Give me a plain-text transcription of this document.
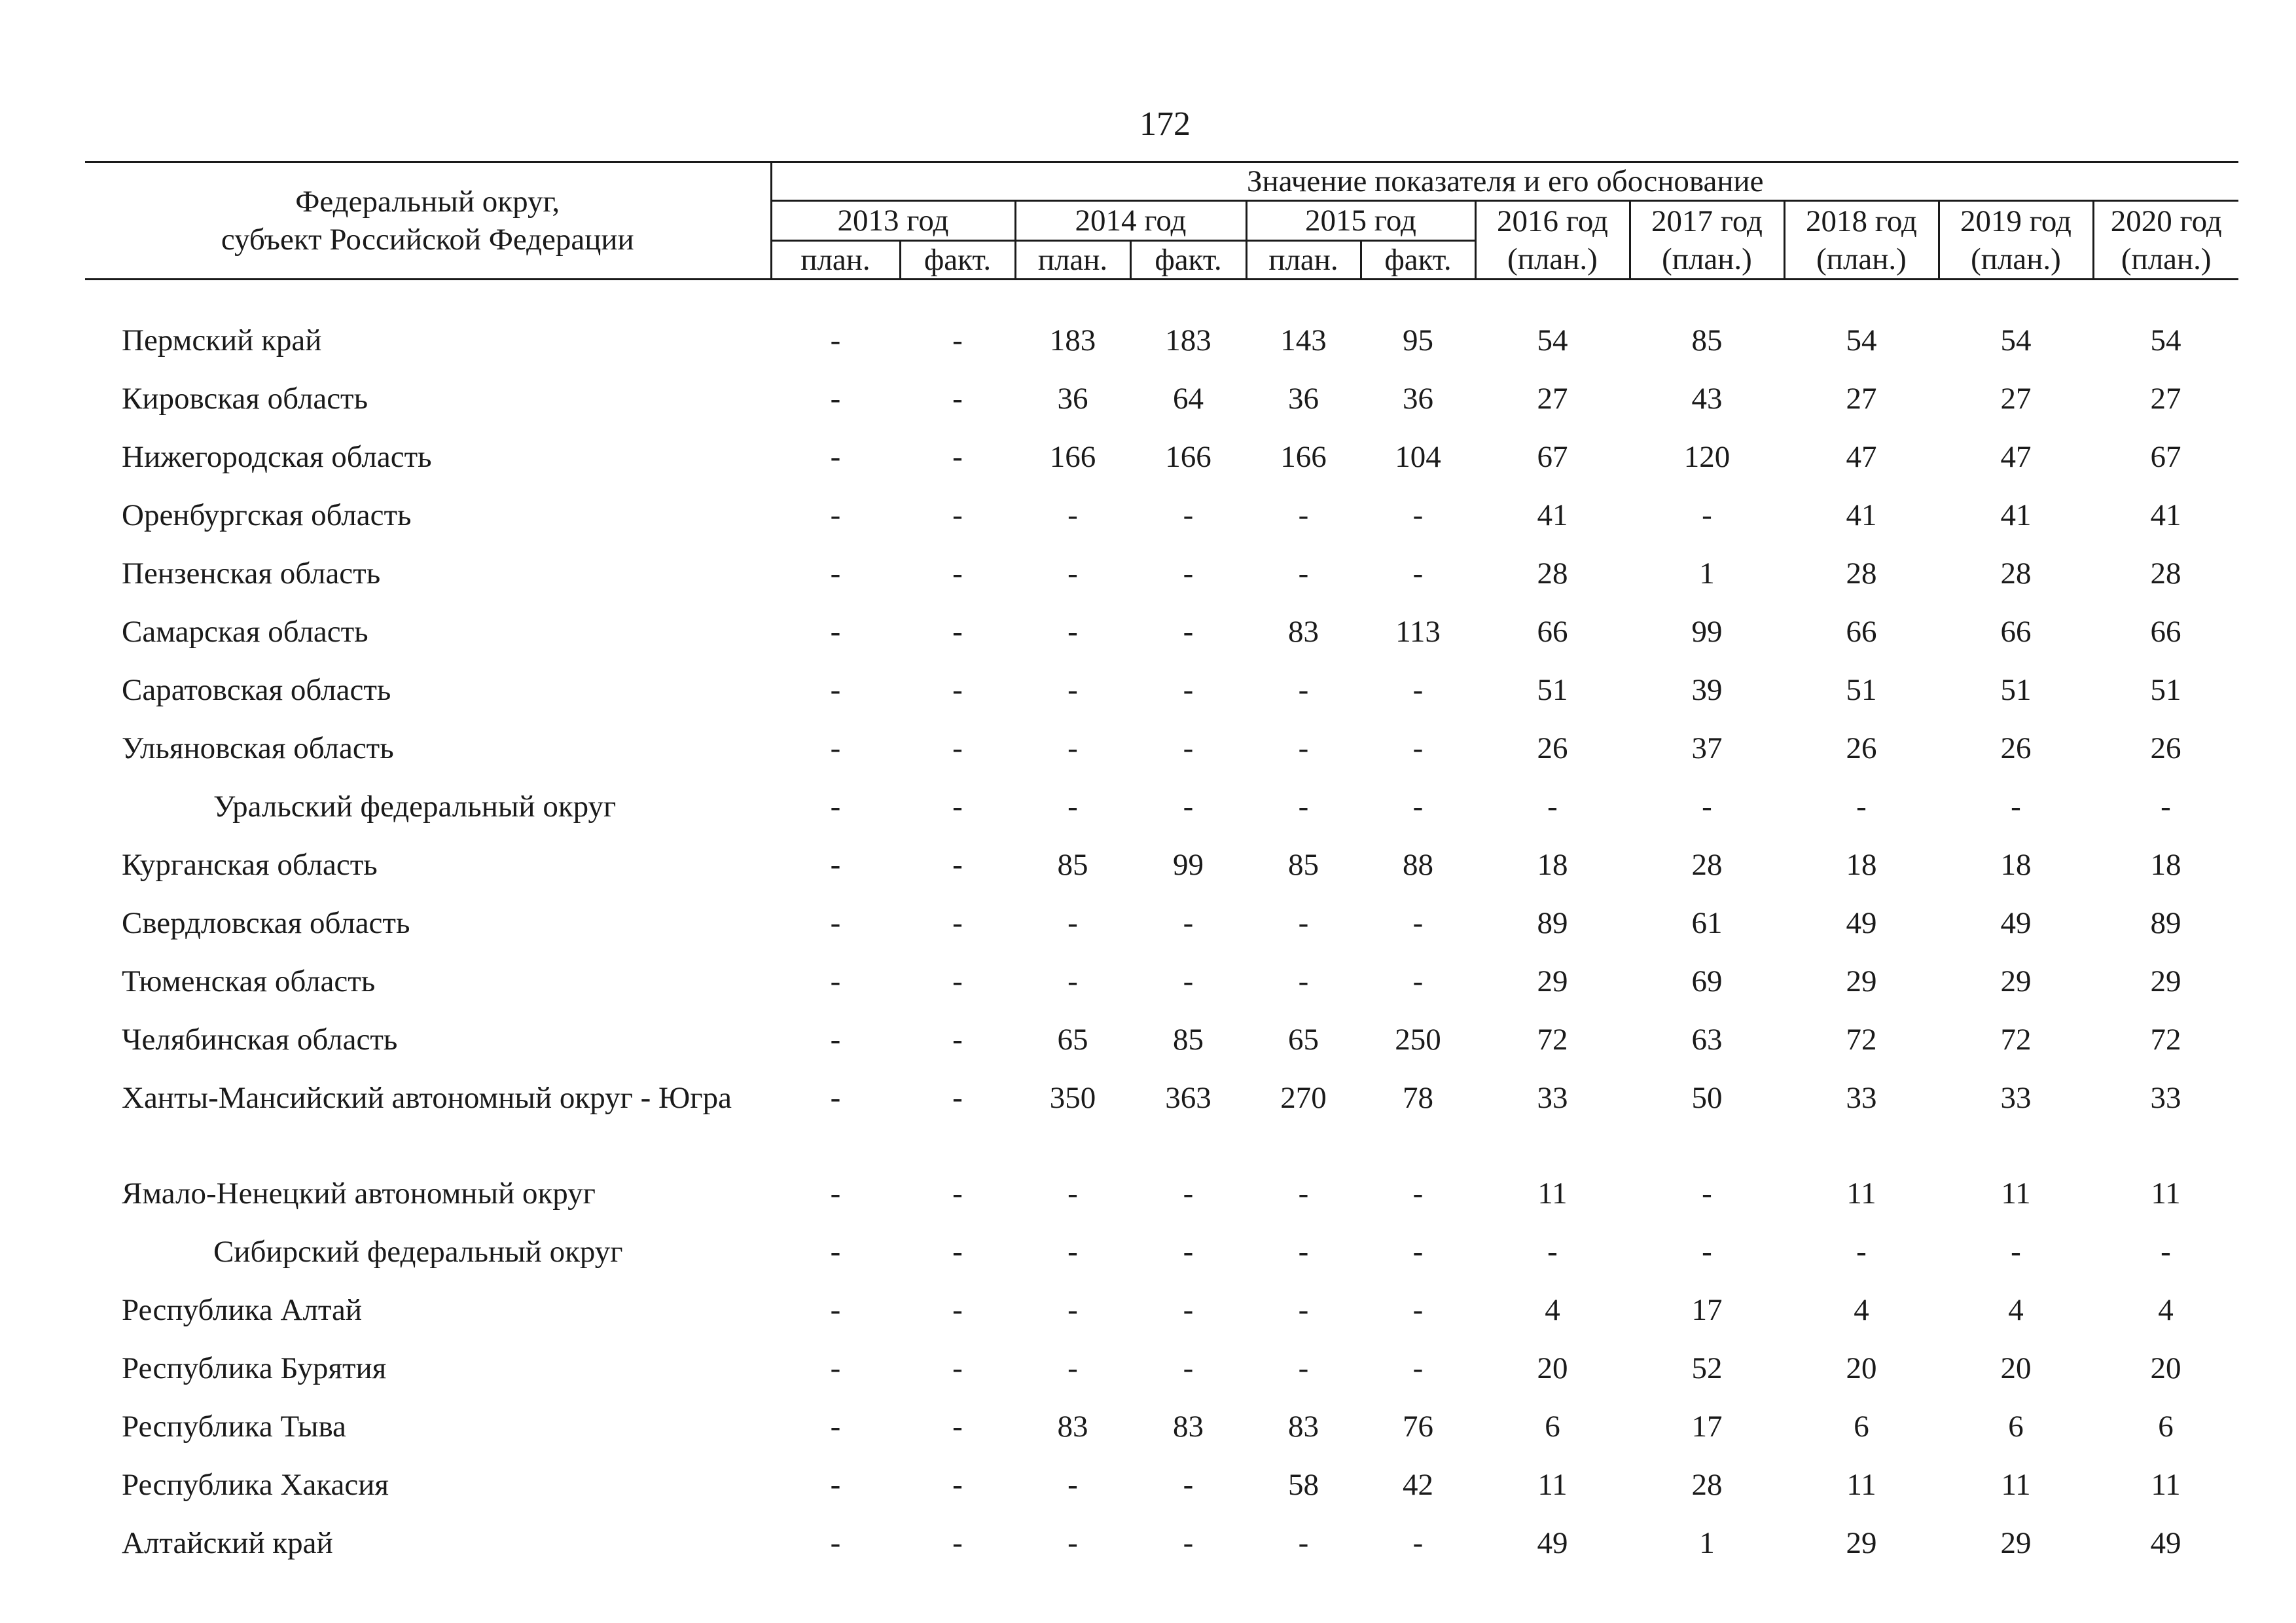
172
Федеральный округ,
субъект Российской Федерации	Значение показателя и его обоснование										
	2013 год		2014 год		2015 год		2016 год	2017 год	2018 год	2019 год	2020 год
	план.	факт.	план.	факт.	план.	факт.	(план.)	(план.)	(план.)	(план.)	(план.)

Пермский край	-	-	183	183	143	95	54	85	54	54	54
Кировская область	-	-	36	64	36	36	27	43	27	27	27
Нижегородская область	-	-	166	166	166	104	67	120	47	47	67
Оренбургская область	-	-	-	-	-	-	41	-	41	41	41
Пензенская область	-	-	-	-	-	-	28	1	28	28	28
Самарская область	-	-	-	-	83	113	66	99	66	66	66
Саратовская область	-	-	-	-	-	-	51	39	51	51	51
Ульяновская область	-	-	-	-	-	-	26	37	26	26	26
Уральский федеральный округ	-	-	-	-	-	-	-	-	-	-	-
Курганская область	-	-	85	99	85	88	18	28	18	18	18
Свердловская область	-	-	-	-	-	-	89	61	49	49	89
Тюменская область	-	-	-	-	-	-	29	69	29	29	29
Челябинская область	-	-	65	85	65	250	72	63	72	72	72
Ханты-Мансийский автономный округ - Югра	-	-	350	363	270	78	33	50	33	33	33
Ямало-Ненецкий автономный округ	-	-	-	-	-	-	11	-	11	11	11
Сибирский федеральный округ	-	-	-	-	-	-	-	-	-	-	-
Республика Алтай	-	-	-	-	-	-	4	17	4	4	4
Республика Бурятия	-	-	-	-	-	-	20	52	20	20	20
Республика Тыва	-	-	83	83	83	76	6	17	6	6	6
Республика Хакасия	-	-	-	-	58	42	11	28	11	11	11
Алтайский край	-	-	-	-	-	-	49	1	29	29	49
